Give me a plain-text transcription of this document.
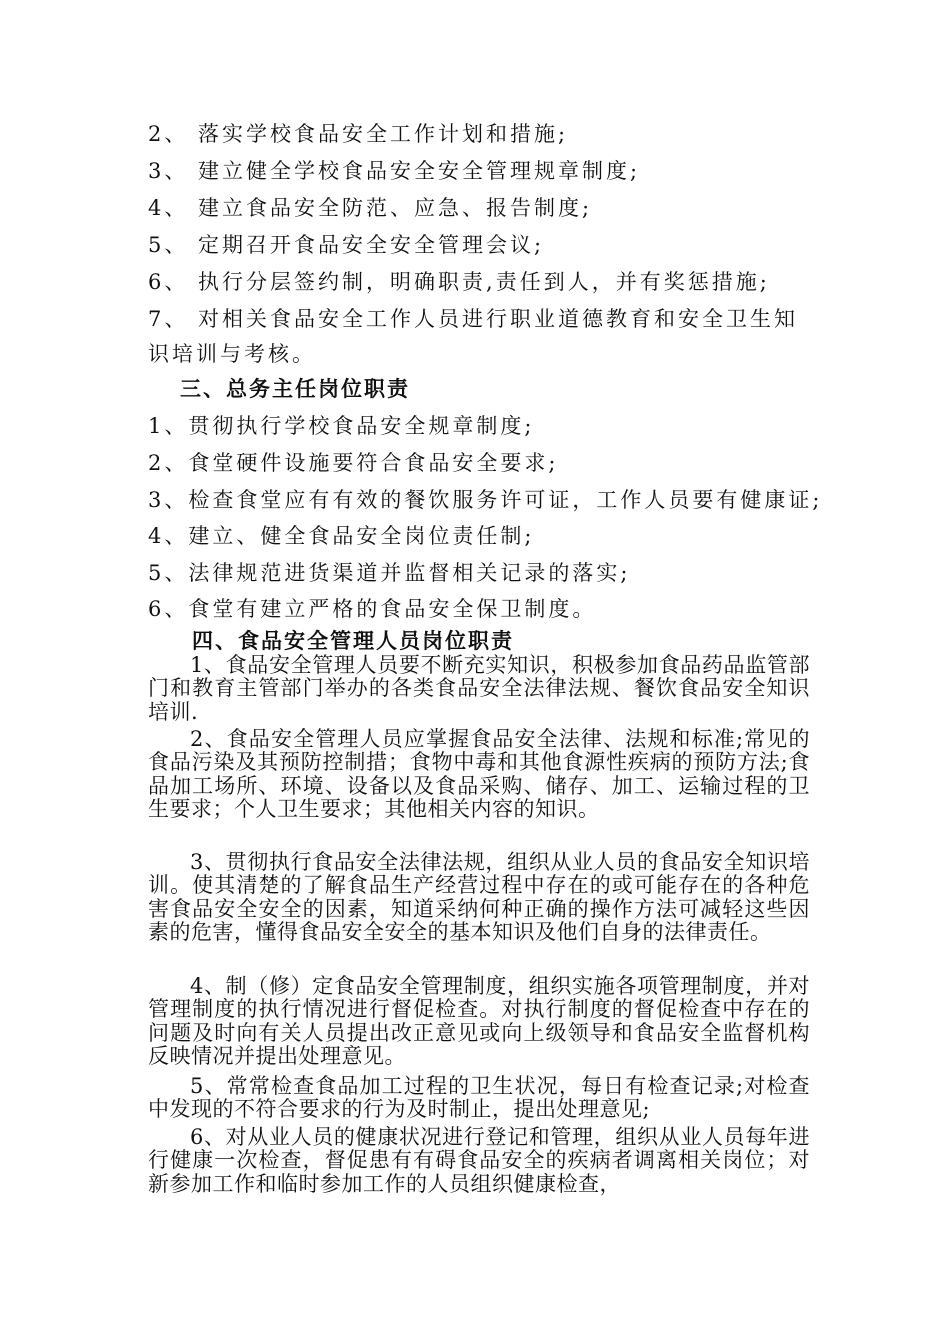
2、 落实学校食品安全工作计划和措施;
3、 建立健全学校食品安全安全管理规章制度;
4、 建立食品安全防范、应急、报告制度;
5、 定期召开食品安全安全管理会议;
6、 执行分层签约制，明确职责,责任到人，并有奖惩措施;
7、 对相关食品安全工作人员进行职业道德教育和安全卫生知
识培训与考核。
三、总务主任岗位职责
1、贯彻执行学校食品安全规章制度;
2、食堂硬件设施要符合食品安全要求;
3、检查食堂应有有效的餐饮服务许可证，工作人员要有健康证;
4、建立、健全食品安全岗位责任制;
5、法律规范进货渠道并监督相关记录的落实;
6、食堂有建立严格的食品安全保卫制度。
四、食品安全管理人员岗位职责
1、食品安全管理人员要不断充实知识，积极参加食品药品监管部门和教育主管部门举办的各类食品安全法律法规、餐饮食品安全知识培训.
2、食品安全管理人员应掌握食品安全法律、法规和标准;常见的食品污染及其预防控制措；食物中毒和其他食源性疾病的预防方法;食品加工场所、环境、设备以及食品采购、储存、加工、运输过程的卫生要求；个人卫生要求；其他相关内容的知识。
3、贯彻执行食品安全法律法规，组织从业人员的食品安全知识培训。使其清楚的了解食品生产经营过程中存在的或可能存在的各种危害食品安全安全的因素，知道采纳何种正确的操作方法可减轻这些因素的危害，懂得食品安全安全的基本知识及他们自身的法律责任。
4、制（修）定食品安全管理制度，组织实施各项管理制度，并对管理制度的执行情况进行督促检查。对执行制度的督促检查中存在的问题及时向有关人员提出改正意见或向上级领导和食品安全监督机构反映情况并提出处理意见。
5、常常检查食品加工过程的卫生状况，每日有检查记录;对检查中发现的不符合要求的行为及时制止，提出处理意见;
6、对从业人员的健康状况进行登记和管理，组织从业人员每年进行健康一次检查，督促患有有碍食品安全的疾病者调离相关岗位；对新参加工作和临时参加工作的人员组织健康检查，
